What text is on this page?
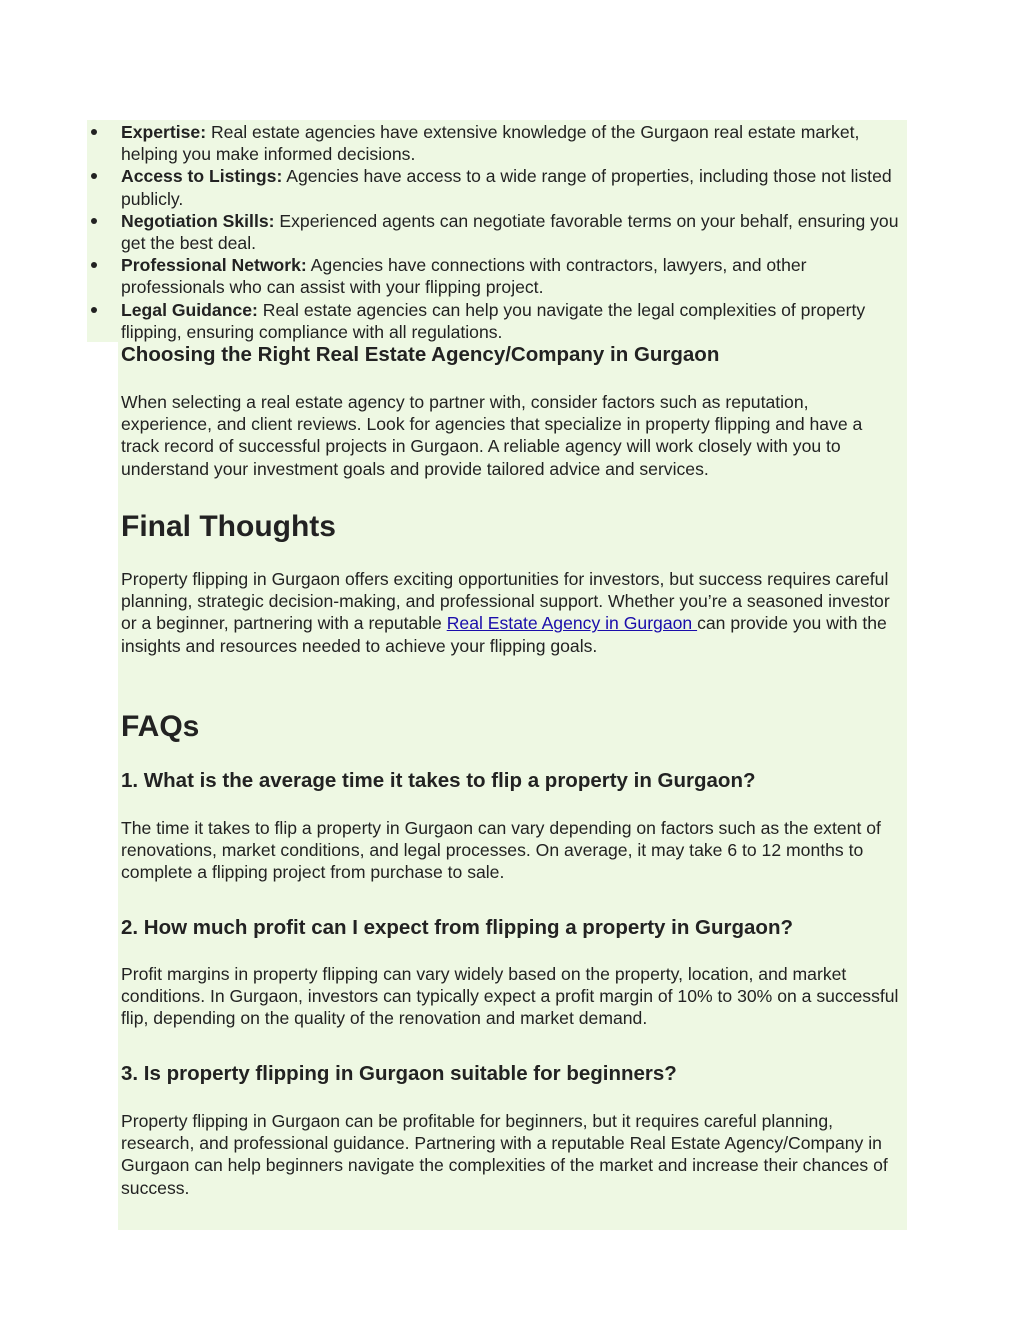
Expertise: Real estate agencies have extensive knowledge of the Gurgaon real estate market, helping you make informed decisions.
Access to Listings: Agencies have access to a wide range of properties, including those not listed publicly.
Negotiation Skills: Experienced agents can negotiate favorable terms on your behalf, ensuring you get the best deal.
Professional Network: Agencies have connections with contractors, lawyers, and other professionals who can assist with your flipping project.
Legal Guidance: Real estate agencies can help you navigate the legal complexities of property flipping, ensuring compliance with all regulations.
Choosing the Right Real Estate Agency/Company in Gurgaon

When selecting a real estate agency to partner with, consider factors such as reputation, experience, and client reviews. Look for agencies that specialize in property flipping and have a track record of successful projects in Gurgaon. A reliable agency will work closely with you to understand your investment goals and provide tailored advice and services.

Final Thoughts

Property flipping in Gurgaon offers exciting opportunities for investors, but success requires careful planning, strategic decision-making, and professional support. Whether you’re a seasoned investor or a beginner, partnering with a reputable Real Estate Agency in Gurgaon can provide you with the insights and resources needed to achieve your flipping goals.

FAQs
1. What is the average time it takes to flip a property in Gurgaon?

The time it takes to flip a property in Gurgaon can vary depending on factors such as the extent of renovations, market conditions, and legal processes. On average, it may take 6 to 12 months to complete a flipping project from purchase to sale.

2. How much profit can I expect from flipping a property in Gurgaon?

Profit margins in property flipping can vary widely based on the property, location, and market conditions. In Gurgaon, investors can typically expect a profit margin of 10% to 30% on a successful flip, depending on the quality of the renovation and market demand.

3. Is property flipping in Gurgaon suitable for beginners?

Property flipping in Gurgaon can be profitable for beginners, but it requires careful planning, research, and professional guidance. Partnering with a reputable Real Estate Agency/Company in Gurgaon can help beginners navigate the complexities of the market and increase their chances of success.
